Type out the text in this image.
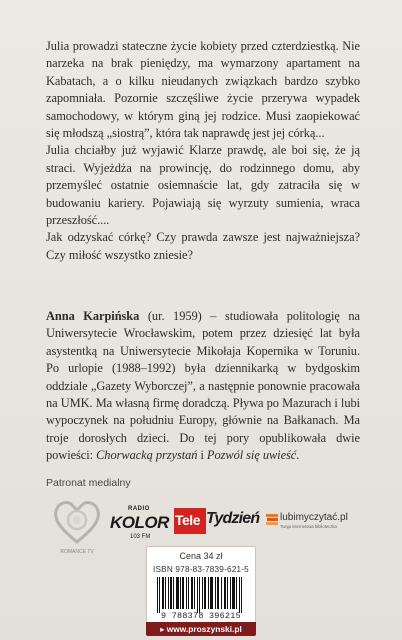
Julia prowadzi stateczne życie kobiety przed czterdziestką. Nie narzeka na brak pieniędzy, ma wymarzony apartament na Kabatach, a o kilku nieudanych związkach bardzo szybko zapomniała. Pozornie szczęśliwe życie przerywa wypadek samochodowy, w którym giną jej rodzice. Musi zaopiekować się młodszą „siostrą”, która tak naprawdę jest jej córką...

Julia chciałby już wyjawić Klarze prawdę, ale boi się, że ją straci. Wyjeżdża na prowincję, do rodzinnego domu, aby przemyśleć ostatnie osiemnaście lat, gdy zatraciła się w budowaniu kariery. Pojawiają się wyrzuty sumienia, wraca przeszłość....

Jak odzyskać córkę? Czy prawda zawsze jest najważniejsza? Czy miłość wszystko zniesie?

Anna Karpińska (ur. 1959) – studiowała politologię na Uniwersytecie Wrocławskim, potem przez dziesięć lat była asystentką na Uniwersytecie Mikołaja Kopernika w Toruniu. Po urlopie (1988–1992) była dziennikarką w bydgoskim oddziale „Gazety Wyborczej”, a następnie ponownie pracowała na UMK. Ma własną firmę doradczą. Pływa po Mazurach i lubi wypoczynek na południu Europy, głównie na Bałkanach. Ma troje dorosłych dzieci. Do tej pory opublikowała dwie powieści: Chorwacką przystań i Pozwól się uwieść.
Patronat medialny
ROMANCE TV
RADIO
KOLOR
103 FM
Tele Tydzień lubimyczytać.pl
Twoja internetowa biblioteczka
Cena 34 zł
ISBN 978-83-7839-621-5
9 788378 396215
▸ www.proszynski.pl
